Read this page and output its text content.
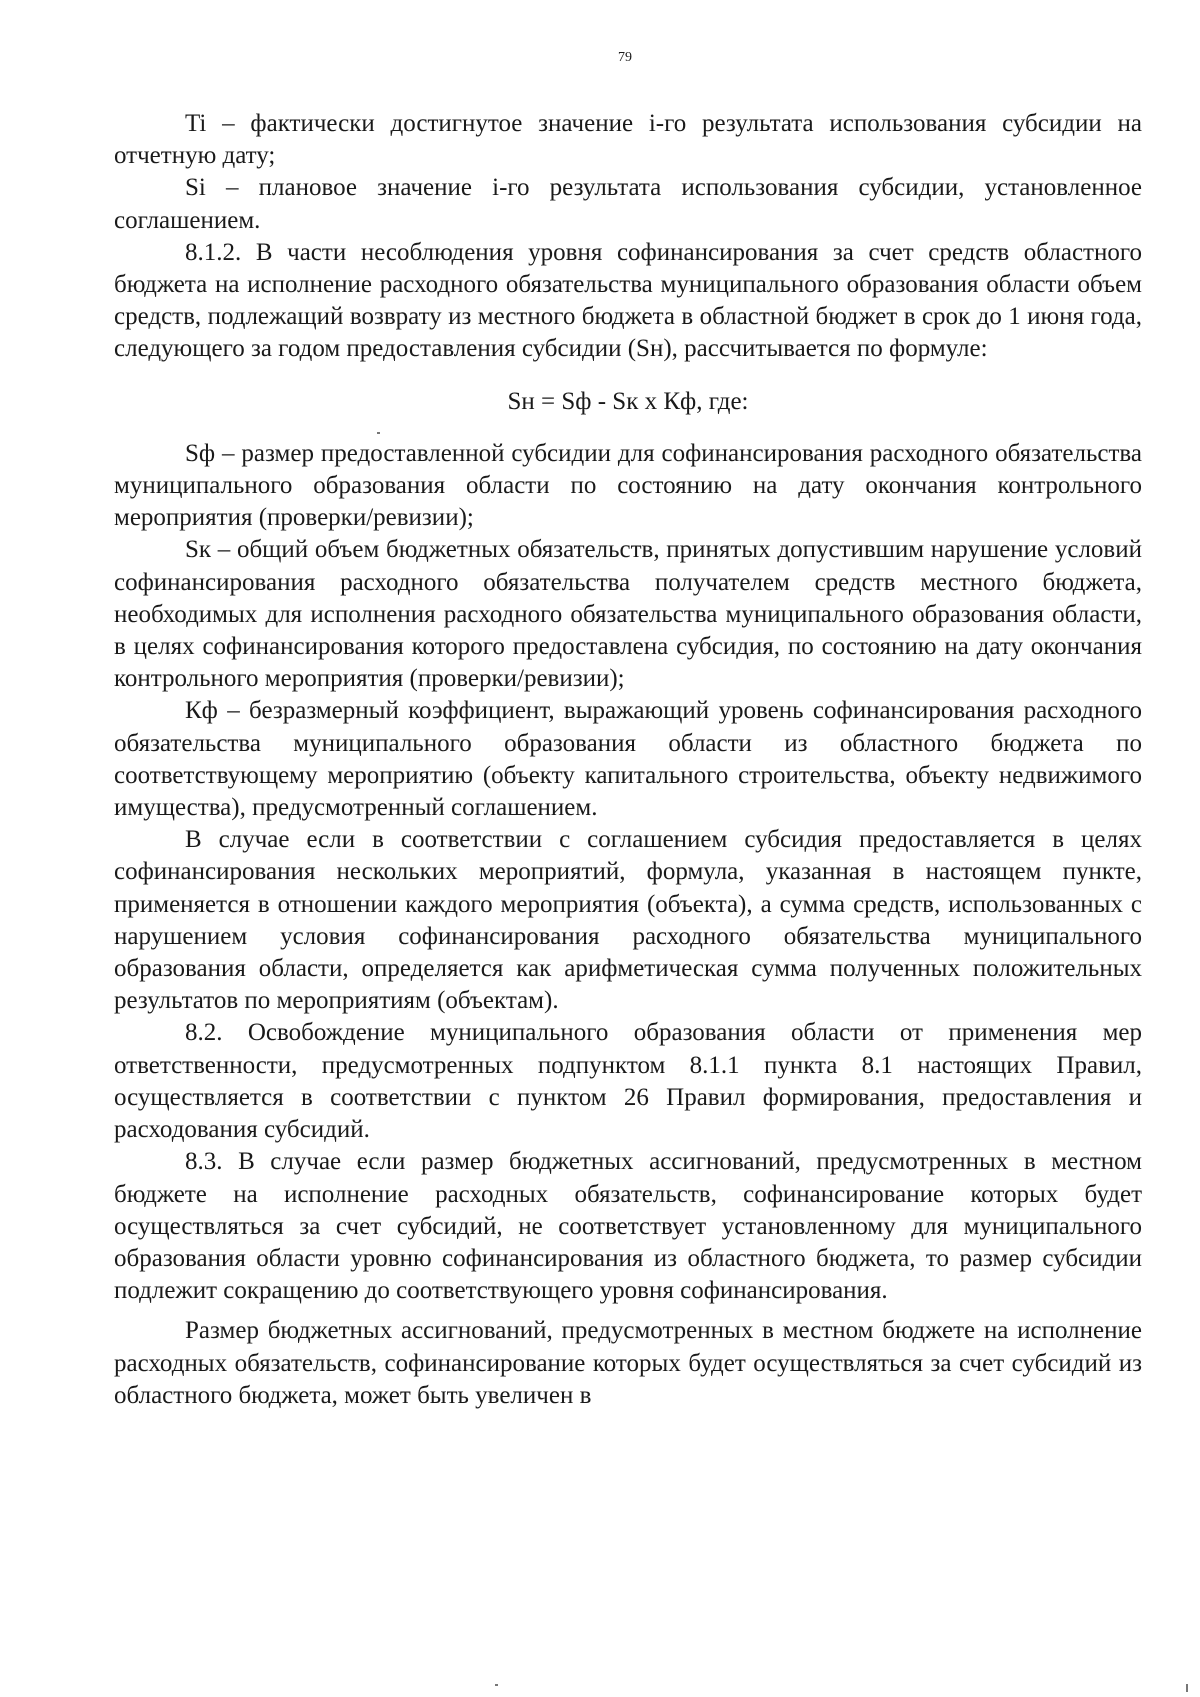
79

Ti – фактически достигнутое значение i-го результата использования субсидии на отчетную дату;

Si – плановое значение i-го результата использования субсидии, установленное соглашением.

8.1.2. В части несоблюдения уровня софинансирования за счет средств областного бюджета на исполнение расходного обязательства муниципального образования области объем средств, подлежащий возврату из местного бюджета в областной бюджет в срок до 1 июня года, следующего за годом предоставления субсидии (Sн), рассчитывается по формуле:

Sн = Sф - Sк x Кф, где:

Sф – размер предоставленной субсидии для софинансирования расходного обязательства муниципального образования области по состоянию на дату окончания контрольного мероприятия (проверки/ревизии);

Sк – общий объем бюджетных обязательств, принятых допустившим нарушение условий софинансирования расходного обязательства получателем средств местного бюджета, необходимых для исполнения расходного обязательства муниципального образования области, в целях софинансирования которого предоставлена субсидия, по состоянию на дату окончания контрольного мероприятия (проверки/ревизии);

Кф – безразмерный коэффициент, выражающий уровень софинансирования расходного обязательства муниципального образования области из областного бюджета по соответствующему мероприятию (объекту капитального строительства, объекту недвижимого имущества), предусмотренный соглашением.

В случае если в соответствии с соглашением субсидия предоставляется в целях софинансирования нескольких мероприятий, формула, указанная в настоящем пункте, применяется в отношении каждого мероприятия (объекта), а сумма средств, использованных с нарушением условия софинансирования расходного обязательства муниципального образования области, определяется как арифметическая сумма полученных положительных результатов по мероприятиям (объектам).

8.2. Освобождение муниципального образования области от применения мер ответственности, предусмотренных подпунктом 8.1.1 пункта 8.1 настоящих Правил, осуществляется в соответствии с пунктом 26 Правил формирования, предоставления и расходования субсидий.

8.3. В случае если размер бюджетных ассигнований, предусмотренных в местном бюджете на исполнение расходных обязательств, софинансирование которых будет осуществляться за счет субсидий, не соответствует установленному для муниципального образования области уровню софинансирования из областного бюджета, то размер субсидии подлежит сокращению до соответствующего уровня софинансирования.

Размер бюджетных ассигнований, предусмотренных в местном бюджете на исполнение расходных обязательств, софинансирование которых будет осуществляться за счет субсидий из областного бюджета, может быть увеличен в
